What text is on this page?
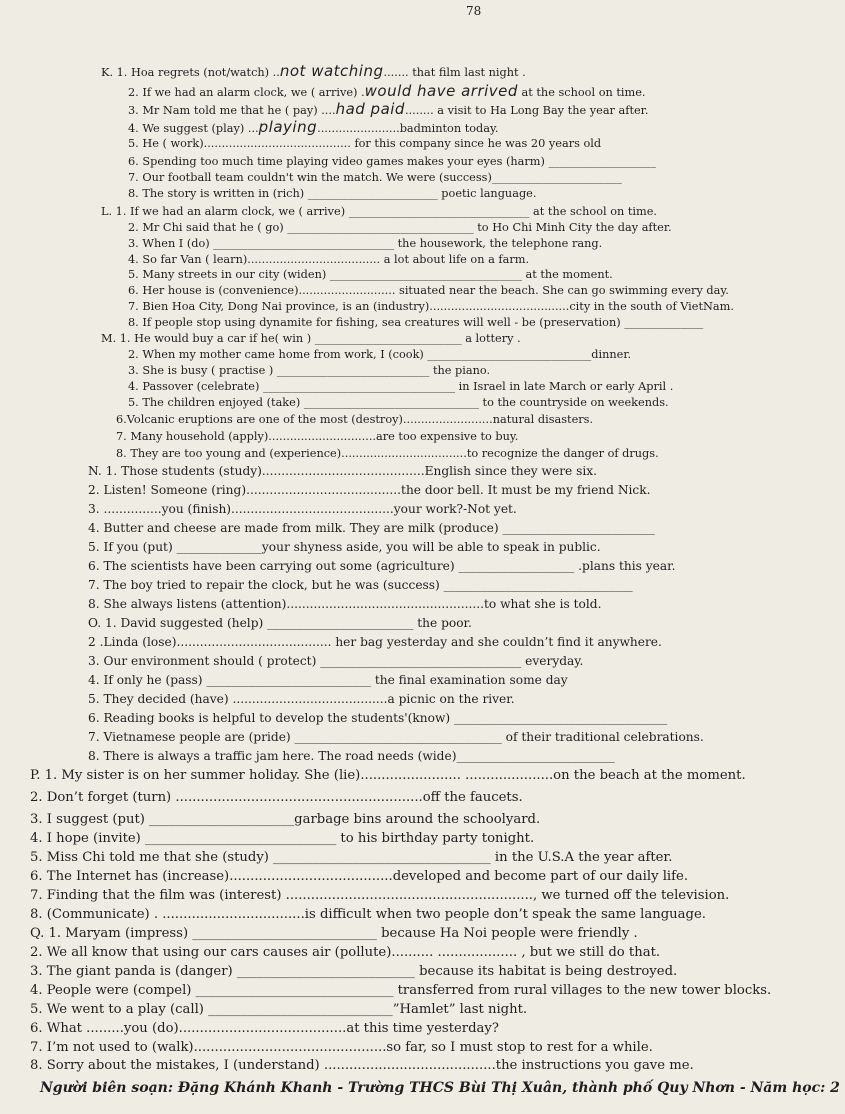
78
K. 1. Hoa regrets (not/watch) ..not watching....... that film last night .
2. If we had an alarm clock, we ( arrive) .would have arrived at the school on time.
3. Mr Nam told me that he ( pay) ....had paid........ a visit to Ha Long Bay the year after.
4. We suggest (play) ...playing.......................badminton today.
5. He ( work)......................................... for this company since he was 20 years old
6. Spending too much time playing video games makes your eyes (harm) ___________________
7. Our football team couldn't win the match. We were (success)_______________________
8. The story is written in (rich) _______________________ poetic language.
L. 1. If we had an alarm clock, we ( arrive) ________________________________ at the school on time.
2. Mr Chi said that he ( go) _________________________________ to Ho Chi Minh City the day after.
3. When I (do) ________________________________ the housework, the telephone rang.
4. So far Van ( learn)..................................... a lot about life on a farm.
5. Many streets in our city (widen) __________________________________ at the moment.
6. Her house is (convenience)........................... situated near the beach. She can go swimming every day.
7. Bien Hoa City, Dong Nai province, is an (industry).......................................city in the south of VietNam.
8. If people stop using dynamite for fishing, sea creatures will well - be (preservation) ______________
M. 1. He would buy a car if he( win ) __________________________ a lottery .
2. When my mother came home from work, I (cook) _____________________________dinner.
3. She is busy ( practise ) ___________________________ the piano.
4. Passover (celebrate) __________________________________ in Israel in late March or early April .
5. The children enjoyed (take) _______________________________ to the countryside on weekends.
6.Volcanic eruptions are one of the most (destroy).........................natural disasters.
7. Many household (apply)..............................are too expensive to buy.
8. They are too young and (experience)...................................to recognize the danger of drugs.
N. 1. Those students (study)..........................................English since they were six.
2. Listen! Someone (ring)........................................the door bell. It must be my friend Nick.
3. ...............you (finish)..........................................your work?-Not yet.
4. Butter and cheese are made from milk. They are milk (produce) _________________________
5. If you (put) ______________your shyness aside, you will be able to speak in public.
6. The scientists have been carrying out some (agriculture) ___________________ .plans this year.
7. The boy tried to repair the clock, but he was (success) _______________________________
8. She always listens (attention)...................................................to what she is told.
O. 1. David suggested (help) ________________________ the poor.
2 .Linda (lose)........................................ her bag yesterday and she couldn’t find it anywhere.
3. Our environment should ( protect) _________________________________ everyday.
4. If only he (pass) ___________________________ the final examination some day
5. They decided (have) ........................................a picnic on the river.
6. Reading books is helpful to develop the students'(know) ___________________________________
7. Vietnamese people are (pride) __________________________________ of their traditional celebrations.
8. There is always a traffic jam here. The road needs (wide)__________________________
P. 1. My sister is on her summer holiday. She (lie)........................ .....................on the beach at the moment.
2. Don’t forget (turn) ...........................................................off the faucets.
3. I suggest (put) ______________________garbage bins around the schoolyard.
4. I hope (invite) _____________________________ to his birthday party tonight.
5. Miss Chi told me that she (study) _________________________________ in the U.S.A the year after.
6. The Internet has (increase).......................................developed and become part of our daily life.
7. Finding that the film was (interest) ..........................................................., we turned off the television.
8. (Communicate) . ..................................is difficult when two people don’t speak the same language.
Q. 1. Maryam (impress) ____________________________ because Ha Noi people were friendly .
2. We all know that using our cars causes air (pollute).......... ................... , but we still do that.
3. The giant panda is (danger) ___________________________ because its habitat is being destroyed.
4. People were (compel) ______________________________ transferred from rural villages to the new tower blocks.
5. We went to a play (call) ____________________________”Hamlet” last night.
6. What .........you (do)........................................at this time yesterday?
7. I’m not used to (walk)..............................................so far, so I must stop to rest for a while.
8. Sorry about the mistakes, I (understand) .........................................the instructions you gave me.
Người biên soạn: Đặng Khánh Khanh - Trường THCS Bùi Thị Xuân, thành phố Quy Nhơn - Năm học: 2
